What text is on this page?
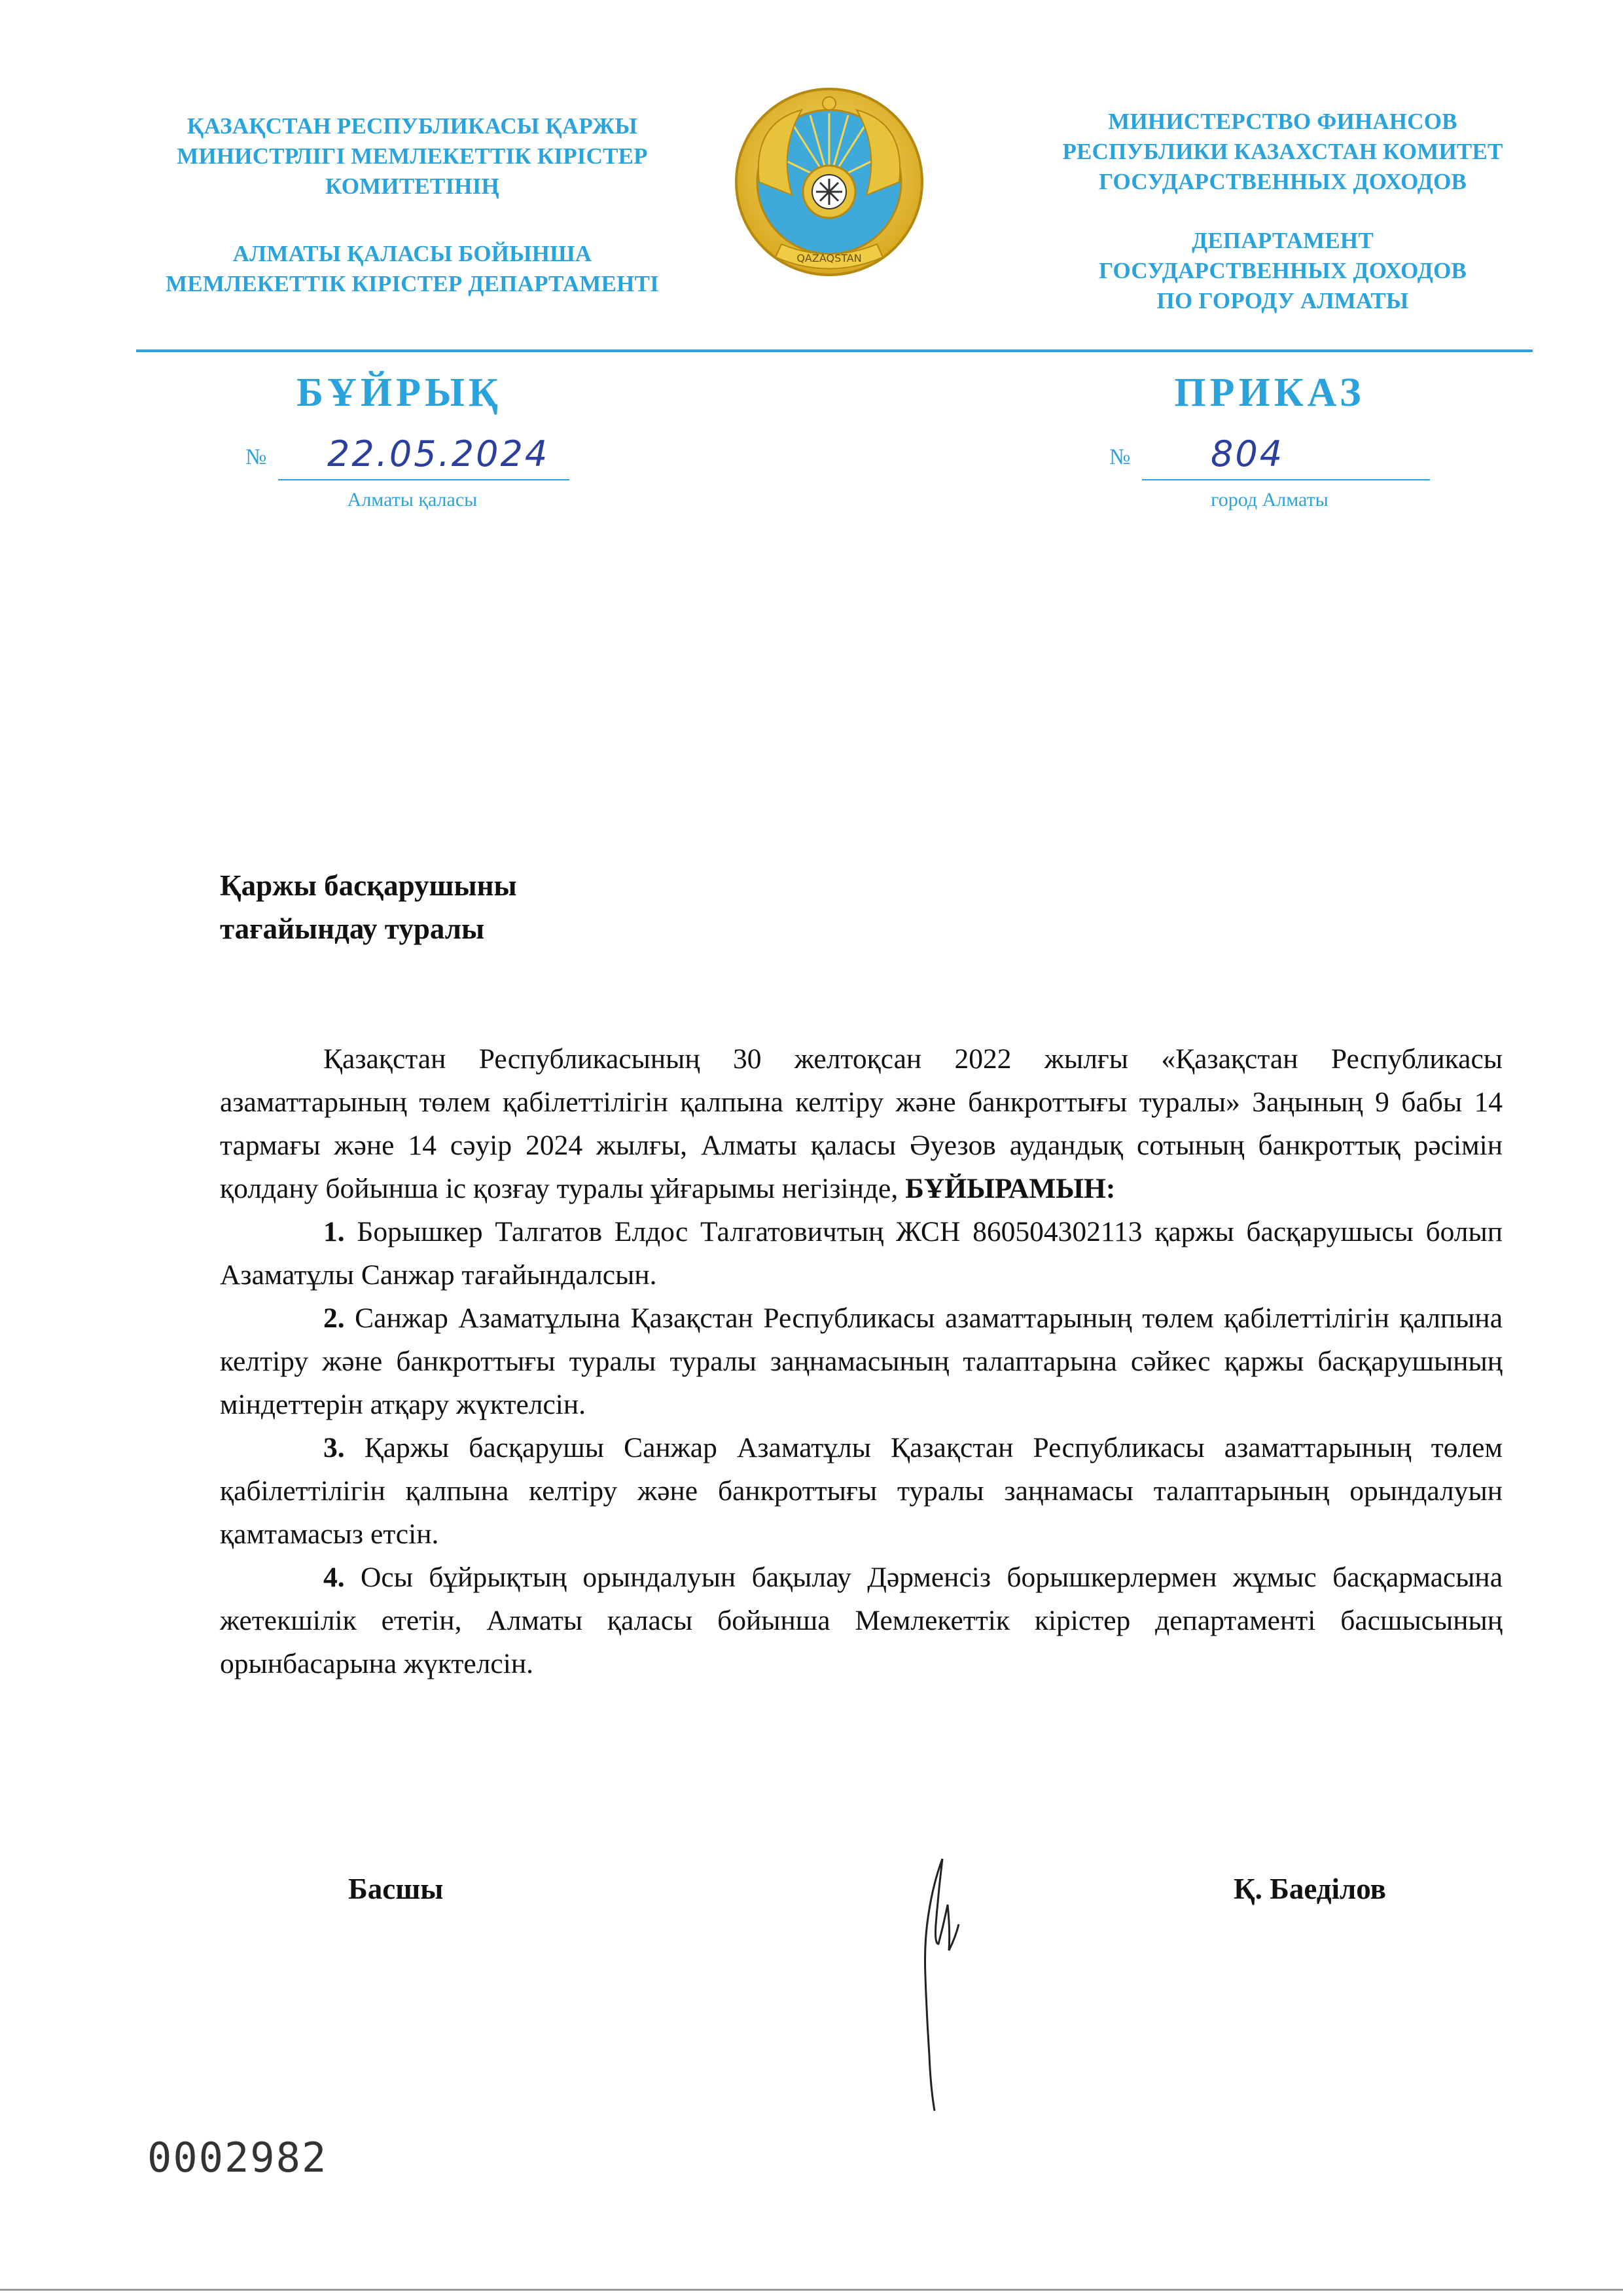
ҚАЗАҚСТАН РЕСПУБЛИКАСЫ ҚАРЖЫ
МИНИСТРЛІГІ МЕМЛЕКЕТТІК КІРІСТЕР
КОМИТЕТІНІҢ
АЛМАТЫ ҚАЛАСЫ БОЙЫНША
МЕМЛЕКЕТТІК КІРІСТЕР ДЕПАРТАМЕНТІ
QAZAQSTAN
МИНИСТЕРСТВО ФИНАНСОВ
РЕСПУБЛИКИ КАЗАХСТАН КОМИТЕТ
ГОСУДАРСТВЕННЫХ ДОХОДОВ
ДЕПАРТАМЕНТ
ГОСУДАРСТВЕННЫХ ДОХОДОВ
ПО ГОРОДУ АЛМАТЫ
БҰЙРЫҚ	ПРИКАЗ
№ 22.05.2024
Алматы қаласы
№ 804
город Алматы
Қаржы басқарушыны
тағайындау туралы

Қазақстан Республикасының 30 желтоқсан 2022 жылғы «Қазақстан Республикасы азаматтарының төлем қабілеттілігін қалпына келтіру және банкроттығы туралы» Заңының 9 бабы 14 тармағы және 14 сәуір 2024 жылғы, Алматы қаласы Әуезов аудандық сотының банкроттық рәсімін қолдану бойынша іс қозғау туралы ұйғарымы негізінде, БҰЙЫРАМЫН:

1. Борышкер Талгатов Елдос Талгатовичтың ЖСН 860504302113 қаржы басқарушысы болып Азаматұлы Санжар тағайындалсын.

2. Санжар Азаматұлына Қазақстан Республикасы азаматтарының төлем қабілеттілігін қалпына келтіру және банкроттығы туралы туралы заңнамасының талаптарына сәйкес қаржы басқарушының міндеттерін атқару жүктелсін.

3. Қаржы басқарушы Санжар Азаматұлы Қазақстан Республикасы азаматтарының төлем қабілеттілігін қалпына келтіру және банкроттығы туралы заңнамасы талаптарының орындалуын қамтамасыз етсін.

4. Осы бұйрықтың орындалуын бақылау Дәрменсіз борышкерлермен жұмыс басқармасына жетекшілік ететін, Алматы қаласы бойынша Мемлекеттік кірістер департаменті басшысының орынбасарына жүктелсін.

Басшы	Қ. Баеділов
0002982
